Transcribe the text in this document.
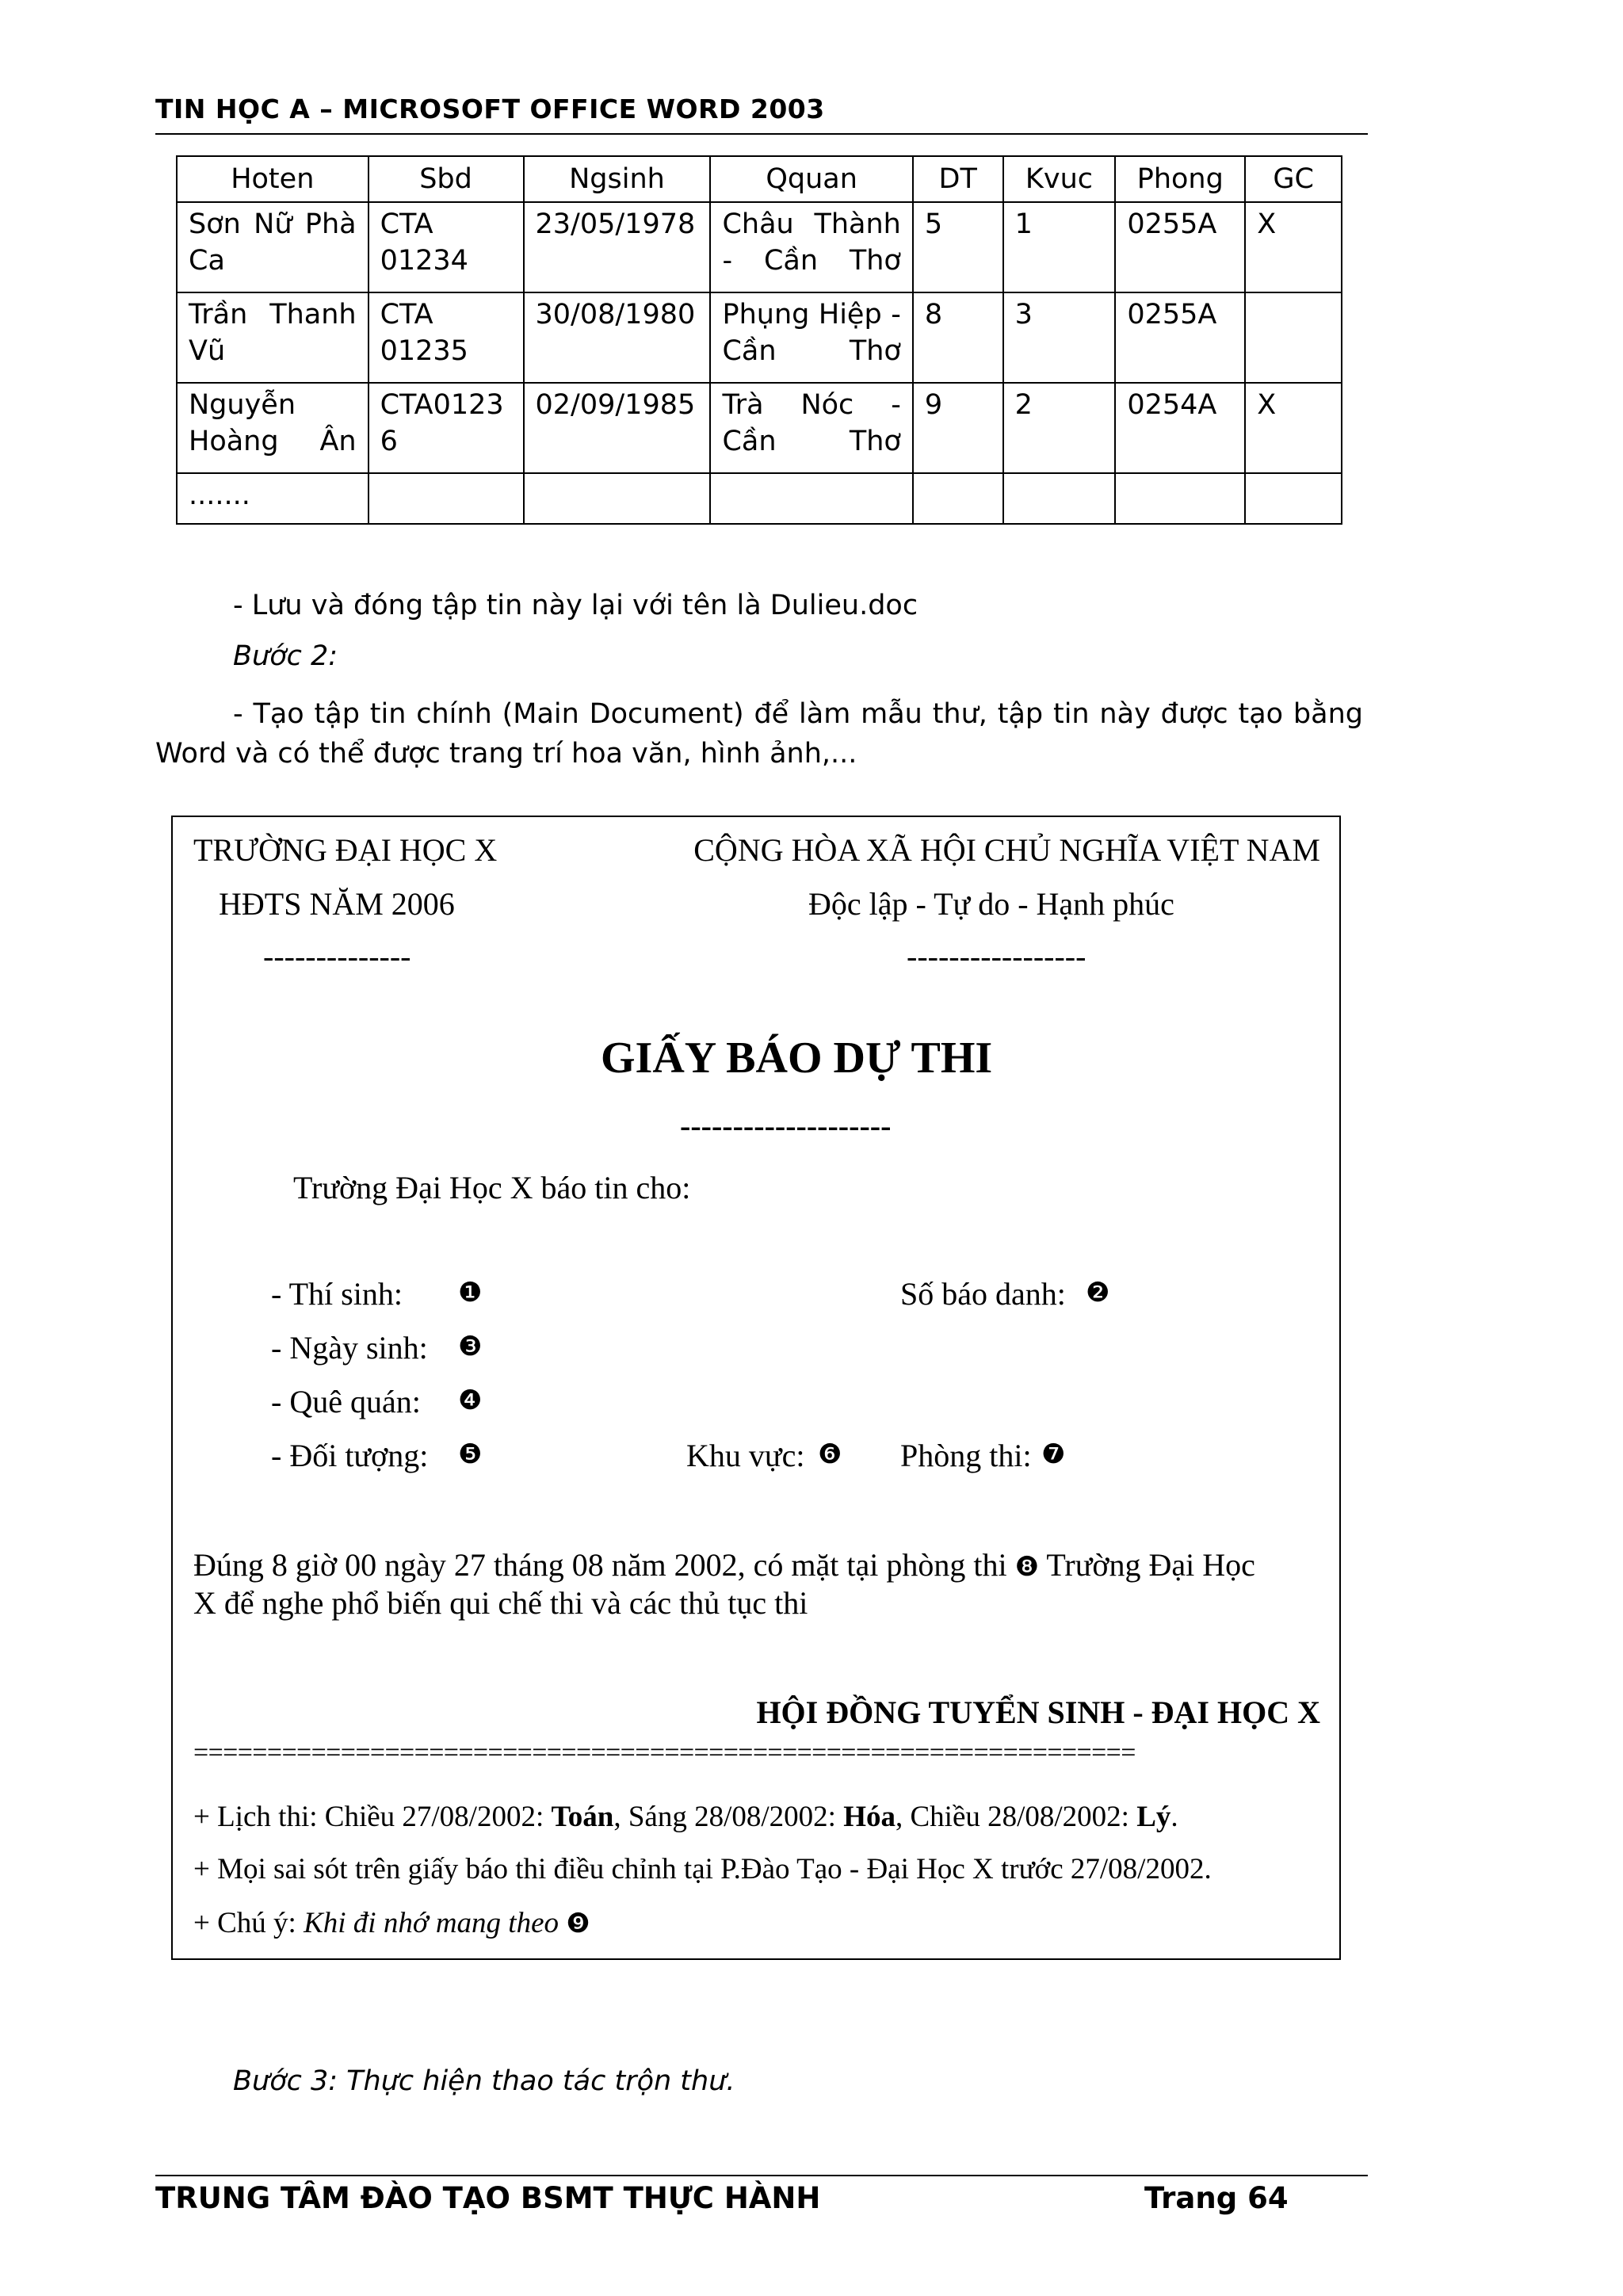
TIN HỌC A – MICROSOFT OFFICE WORD 2003
Hoten	Sbd	Ngsinh	Qquan	DT	Kvuc	Phong	GC
Sơn Nữ Phà Ca	CTA 01234	23/05/1978	Châu Thành - Cần Thơ	5	1	0255A	X
Trần Thanh Vũ	CTA 01235	30/08/1980	Phụng Hiệp - Cần Thơ	8	3	0255A	
Nguyễn Hoàng Ân	CTA0123 6	02/09/1985	Trà Nóc - Cần Thơ	9	2	0254A	X
.......							
- Lưu và đóng tập tin này lại với tên là Dulieu.doc
Bước 2:
- Tạo tập tin chính (Main Document) để làm mẫu thư, tập tin này được tạo bằng Word và có thể được trang trí hoa văn, hình ảnh,...
TRƯỜNG ĐẠI HỌC X
HĐTS NĂM 2006
--------------
CỘNG HÒA XÃ HỘI CHỦ NGHĨA VIỆT NAM
Độc lập - Tự do - Hạnh phúc
-----------------
GIẤY BÁO DỰ THI
--------------------
Trường Đại Học X báo tin cho:
- Thí sinh: ❶	Số báo danh: ❷
- Ngày sinh: ❸
- Quê quán: ❹
- Đối tượng: ❺	Khu vực: ❻ Phòng thi: ❼
Đúng 8 giờ 00 ngày 27 tháng 08 năm 2002, có mặt tại phòng thi ❽ Trường Đại Học
X để nghe phổ biến qui chế thi và các thủ tục thi
HỘI ĐỒNG TUYỂN SINH - ĐẠI HỌC X
================================================================
+ Lịch thi: Chiều 27/08/2002: Toán, Sáng 28/08/2002: Hóa, Chiều 28/08/2002: Lý.
+ Mọi sai sót trên giấy báo thi điều chỉnh tại P.Đào Tạo - Đại Học X trước 27/08/2002.
+ Chú ý: Khi đi nhớ mang theo ❾
Bước 3: Thực hiện thao tác trộn thư.
TRUNG TÂM ĐÀO TẠO BSMT THỰC HÀNH	Trang 64
